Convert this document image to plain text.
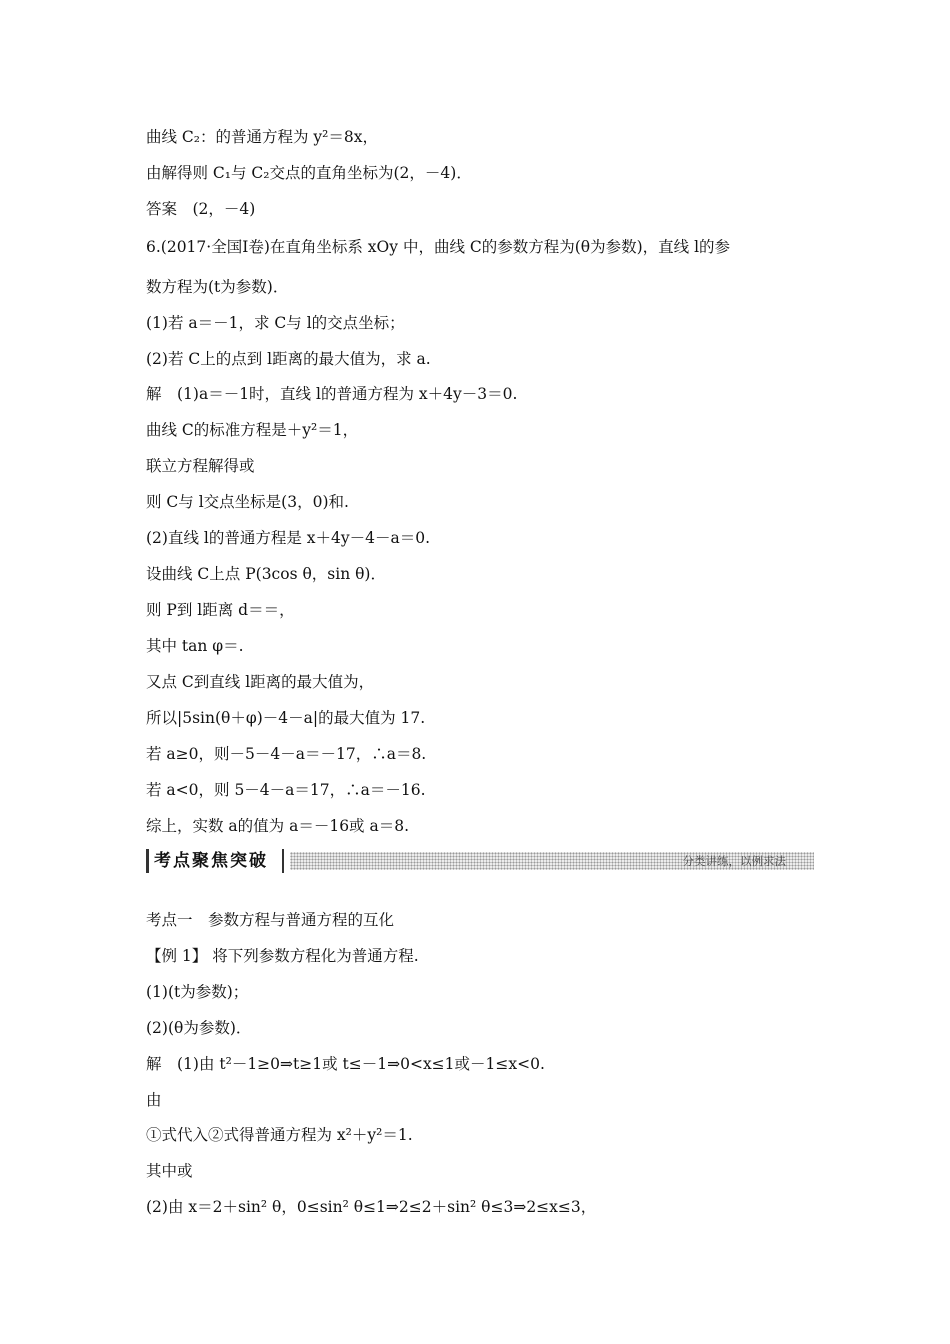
曲线 C₂：的普通方程为 y²＝8x，
由解得则 C₁与 C₂交点的直角坐标为(2，－4)．
答案　(2，－4)
6.(2017·全国Ⅰ卷)在直角坐标系 xOy 中，曲线 C的参数方程为(θ为参数)，直线 l的参
数方程为(t为参数)．
(1)若 a＝－1，求 C与 l的交点坐标；
(2)若 C上的点到 l距离的最大值为，求 a.
解　(1)a＝－1时，直线 l的普通方程为 x＋4y－3＝0.
曲线 C的标准方程是＋y²＝1，
联立方程解得或
则 C与 l交点坐标是(3，0)和.
(2)直线 l的普通方程是 x＋4y－4－a＝0.
设曲线 C上点 P(3cos θ，sin θ)．
则 P到 l距离 d＝＝，
其中 tan φ＝.
又点 C到直线 l距离的最大值为，
所以|5sin(θ＋φ)－4－a|的最大值为 17.
若 a≥0，则－5－4－a＝－17，∴a＝8.
若 a<0，则 5－4－a＝17，∴a＝－16.
综上，实数 a的值为 a＝－16或 a＝8.
考点聚焦突破	分类讲练，以例求法
考点一　参数方程与普通方程的互化
【例 1】 将下列参数方程化为普通方程.
(1)(t为参数)；
(2)(θ为参数)．
解　(1)由 t²－1≥0⇒t≥1或 t≤－1⇒0<x≤1或－1≤x<0.
由
①式代入②式得普通方程为 x²＋y²＝1.
其中或
(2)由 x＝2＋sin² θ，0≤sin² θ≤1⇒2≤2＋sin² θ≤3⇒2≤x≤3，
